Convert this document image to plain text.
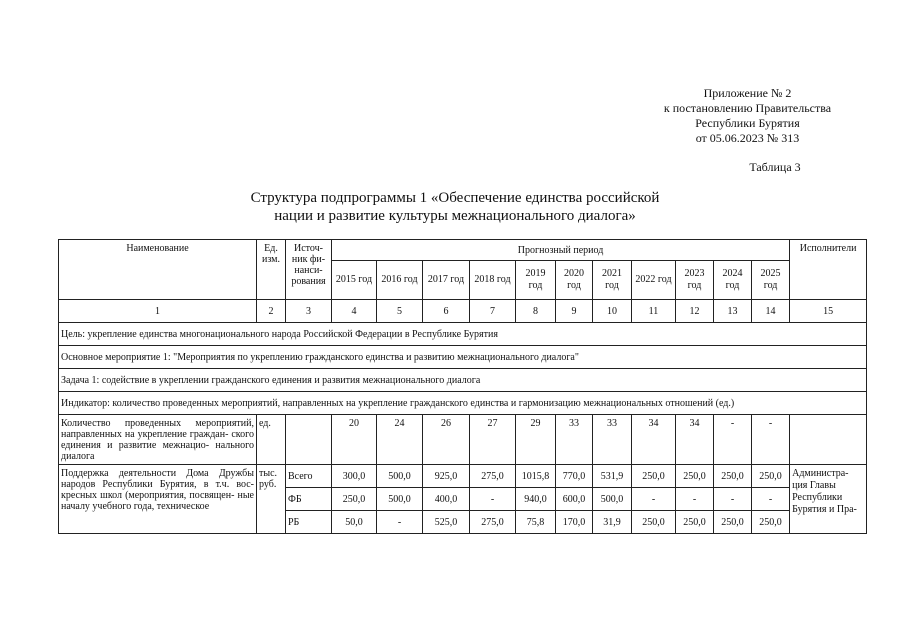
Приложение № 2
к постановлению Правительства
Республики Бурятия
от 05.06.2023 № 313
Таблица 3
Структура подпрограммы 1 «Обеспечение единства российской
нации и развитие культуры межнационального диалога»
Наименование	Ед. изм.	Источ- ник фи- нанси- рования	Прогнозный период											Исполнители
			2015 год	2016 год	2017 год	2018 год	2019 год	2020 год	2021 год	2022 год	2023 год	2024 год	2025 год	
1	2	3	4	5	6	7	8	9	10	11	12	13	14	15
Цель: укрепление единства многонационального народа Российской Федерации в Республике Бурятия														
Основное мероприятие 1: "Мероприятия по укреплению гражданского единства и развитию межнационального диалога"														
Задача 1: содействие в укреплении гражданского единения и развития межнационального диалога														
Индикатор: количество проведенных мероприятий, направленных на укрепление гражданского единства и гармонизацию межнациональных отношений (ед.)														
Количество проведенных мероприятий, направленных на укрепление граждан- ского единения и развитие межнацио- нального диалога	ед.		20	24	26	27	29	33	33	34	34	-	-	
Поддержка деятельности Дома Дружбы народов Республики Бурятия, в т.ч. вос- кресных школ (мероприятия, посвящен- ные началу учебного года, техническое	тыс. руб.	Всего	300,0	500,0	925,0	275,0	1015,8	770,0	531,9	250,0	250,0	250,0	250,0	Администра- ция Главы Республики Бурятия и Пра-
		ФБ	250,0	500,0	400,0	-	940,0	600,0	500,0	-	-	-	-	
		РБ	50,0	-	525,0	275,0	75,8	170,0	31,9	250,0	250,0	250,0	250,0	
